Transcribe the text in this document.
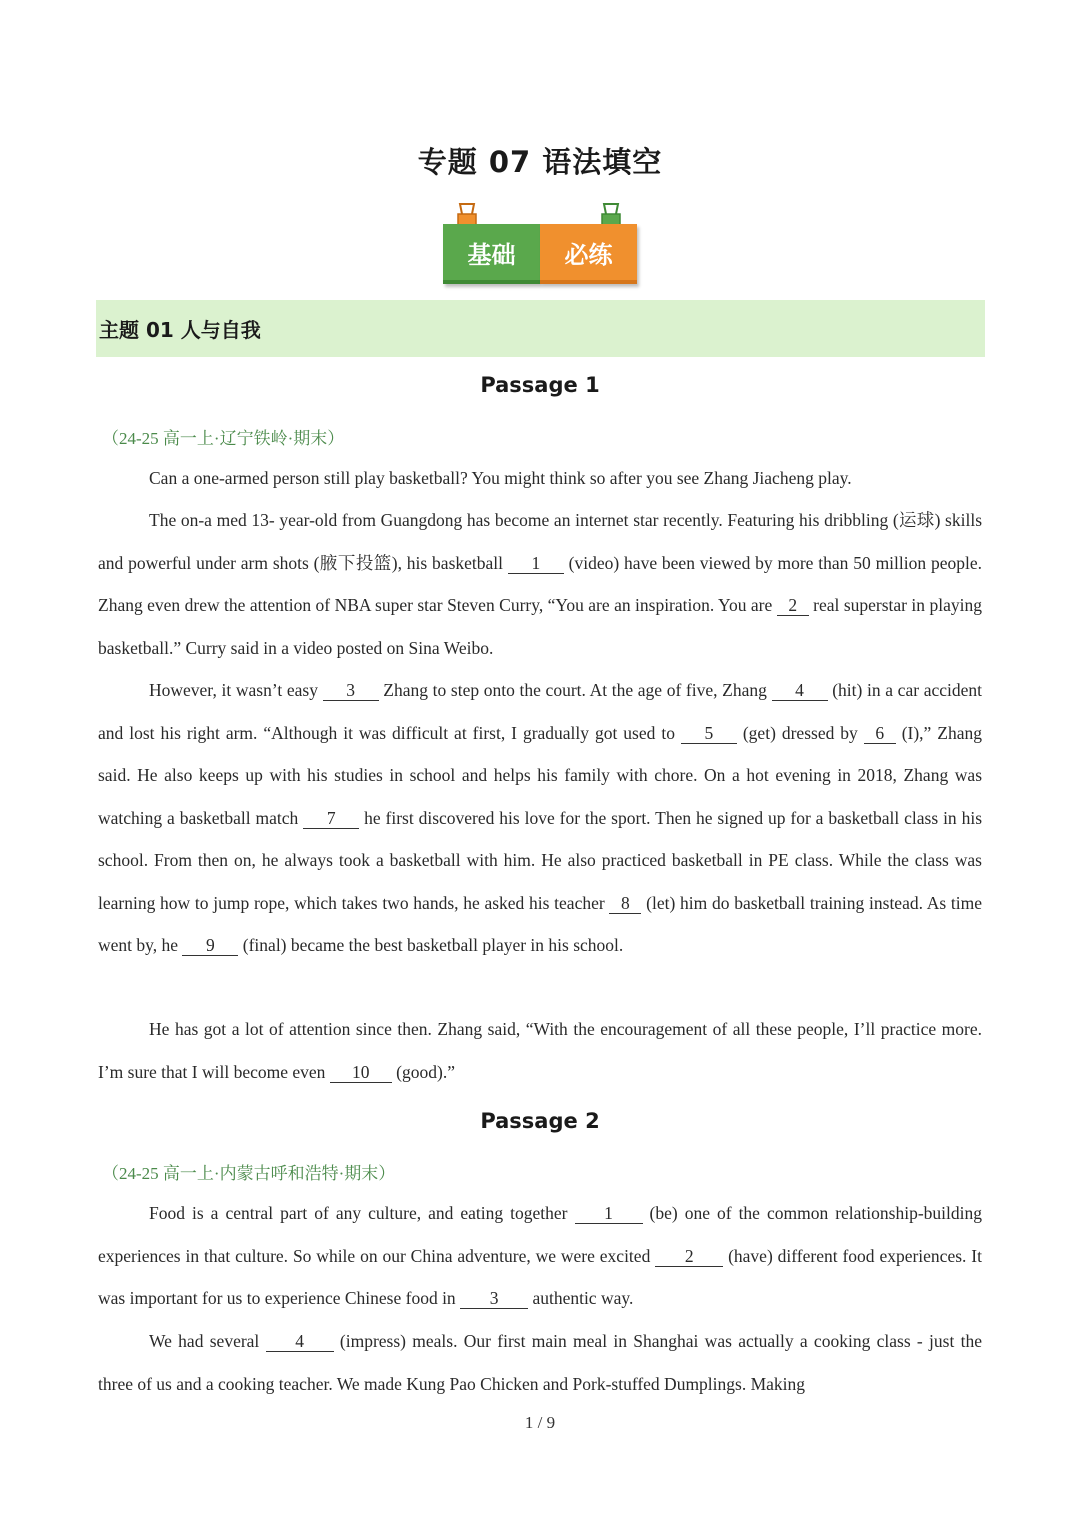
专题 07 语法填空
基础	必练
主题 01 人与自我
Passage 1
（24-25 高一上·辽宁铁岭·期末）
Can a one-armed person still play basketball? You might think so after you see Zhang Jiacheng play.
The on-a med 13- year-old from Guangdong has become an internet star recently. Featuring his dribbling (运球) skills and powerful under arm shots (腋下投篮), his basketball 1 (video) have been viewed by more than 50 million people. Zhang even drew the attention of NBA super star Steven Curry, “You are an inspiration. You are 2 real superstar in playing basketball.” Curry said in a video posted on Sina Weibo.
However, it wasn’t easy 3 Zhang to step onto the court. At the age of five, Zhang 4 (hit) in a car accident and lost his right arm. “Although it was difficult at first, I gradually got used to 5 (get) dressed by 6 (I),” Zhang said. He also keeps up with his studies in school and helps his family with chore. On a hot evening in 2018, Zhang was watching a basketball match 7 he first discovered his love for the sport. Then he signed up for a basketball class in his school. From then on, he always took a basketball with him. He also practiced basketball in PE class. While the class was learning how to jump rope, which takes two hands, he asked his teacher 8 (let) him do basketball training instead. As time went by, he 9 (final) became the best basketball player in his school.
He has got a lot of attention since then. Zhang said, “With the encouragement of all these people, I’ll practice more. I’m sure that I will become even 10 (good).”
Passage 2
（24-25 高一上·内蒙古呼和浩特·期末）
Food is a central part of any culture, and eating together 1 (be) one of the common relationship-building experiences in that culture. So while on our China adventure, we were excited 2 (have) different food experiences. It was important for us to experience Chinese food in 3 authentic way.
We had several 4 (impress) meals. Our first main meal in Shanghai was actually a cooking class - just the three of us and a cooking teacher. We made Kung Pao Chicken and Pork-stuffed Dumplings. Making
1 / 9
